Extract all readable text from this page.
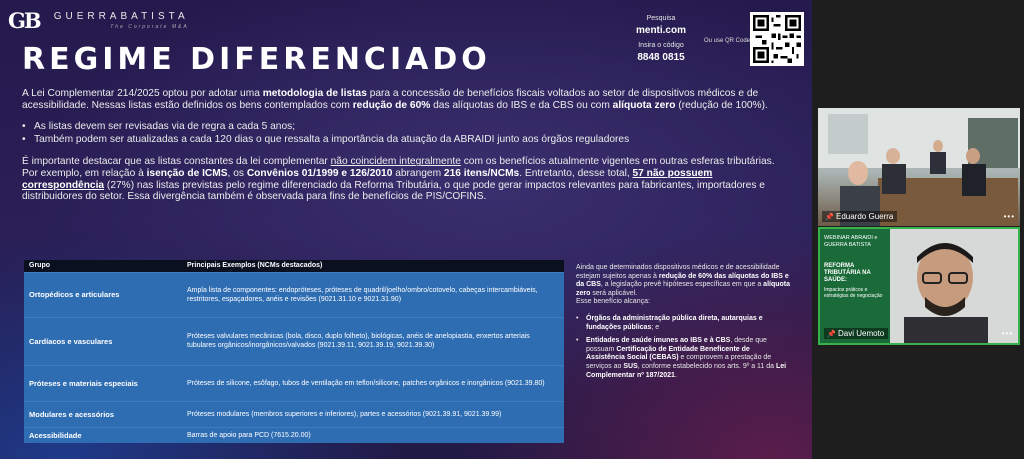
GB GUERRABATISTA
The Corporate M&A
REGIME DIFERENCIADO
Pesquisa
menti.com
Insira o código
8848 0815
Ou use QR Code

A Lei Complementar 214/2025 optou por adotar uma metodologia de listas para a concessão de benefícios fiscais voltados ao setor de dispositivos médicos e de acessibilidade. Nessas listas estão definidos os bens contemplados com redução de 60% das alíquotas do IBS e da CBS ou com alíquota zero (redução de 100%).

• As listas devem ser revisadas via de regra a cada 5 anos;
• Também podem ser atualizadas a cada 120 dias o que ressalta a importância da atuação da ABRAIDI junto aos órgãos reguladores

É importante destacar que as listas constantes da lei complementar não coincidem integralmente com os benefícios atualmente vigentes em outras esferas tributárias. Por exemplo, em relação à isenção de ICMS, os Convênios 01/1999 e 126/2010 abrangem 216 itens/NCMs. Entretanto, desse total, 57 não possuem correspondência (27%) nas listas previstas pelo regime diferenciado da Reforma Tributária, o que pode gerar impactos relevantes para fabricantes, importadores e distribuidores do setor. Essa divergência também é observada para fins de benefícios de PIS/COFINS.

Grupo	Principais Exemplos (NCMs destacados)
Ortopédicos e articulares	Ampla lista de componentes: endopróteses, próteses de quadril/joelho/ombro/cotovelo, cabeças intercambiáveis, restritores, espaçadores, anéis e revisões (9021.31.10 e 9021.31.90)
Cardíacos e vasculares	Próteses valvulares mecânicas (bola, disco, duplo folheto), biológicas, anéis de anelopiastia, enxertos arteriais tubulares orgânicos/inorgânicos/valvados (9021.39.11, 9021.39.19, 9021.39.30)
Próteses e materiais especiais	Próteses de silicone, esôfago, tubos de ventilação em teflon/silicone, patches orgânicos e inorgânicos (9021.39.80)
Modulares e acessórios	Próteses modulares (membros superiores e inferiores), partes e acessórios (9021.39.91, 9021.39.99)
Acessibilidade	Barras de apoio para PCD (7615.20.00)
Ainda que determinados dispositivos médicos e de acessibilidade estejam sujeitos apenas à redução de 60% das alíquotas do IBS e da CBS, a legislação prevê hipóteses específicas em que a alíquota zero será aplicável.
Esse benefício alcança:
• Órgãos da administração pública direta, autarquias e fundações públicas; e
• Entidades de saúde imunes ao IBS e à CBS, desde que possuam Certificação de Entidade Beneficente de Assistência Social (CEBAS) e comprovem a prestação de serviços ao SUS, conforme estabelecido nos arts. 9º a 11 da Lei Complementar nº 187/2021.
📌 Eduardo Guerra	•••
WEBINAR ABRAIDI e GUERRA BATISTA
REFORMA TRIBUTÁRIA NA SAÚDE:
Impactos práticos e estratégias de negociação
📌 Davi Uemoto	•••
